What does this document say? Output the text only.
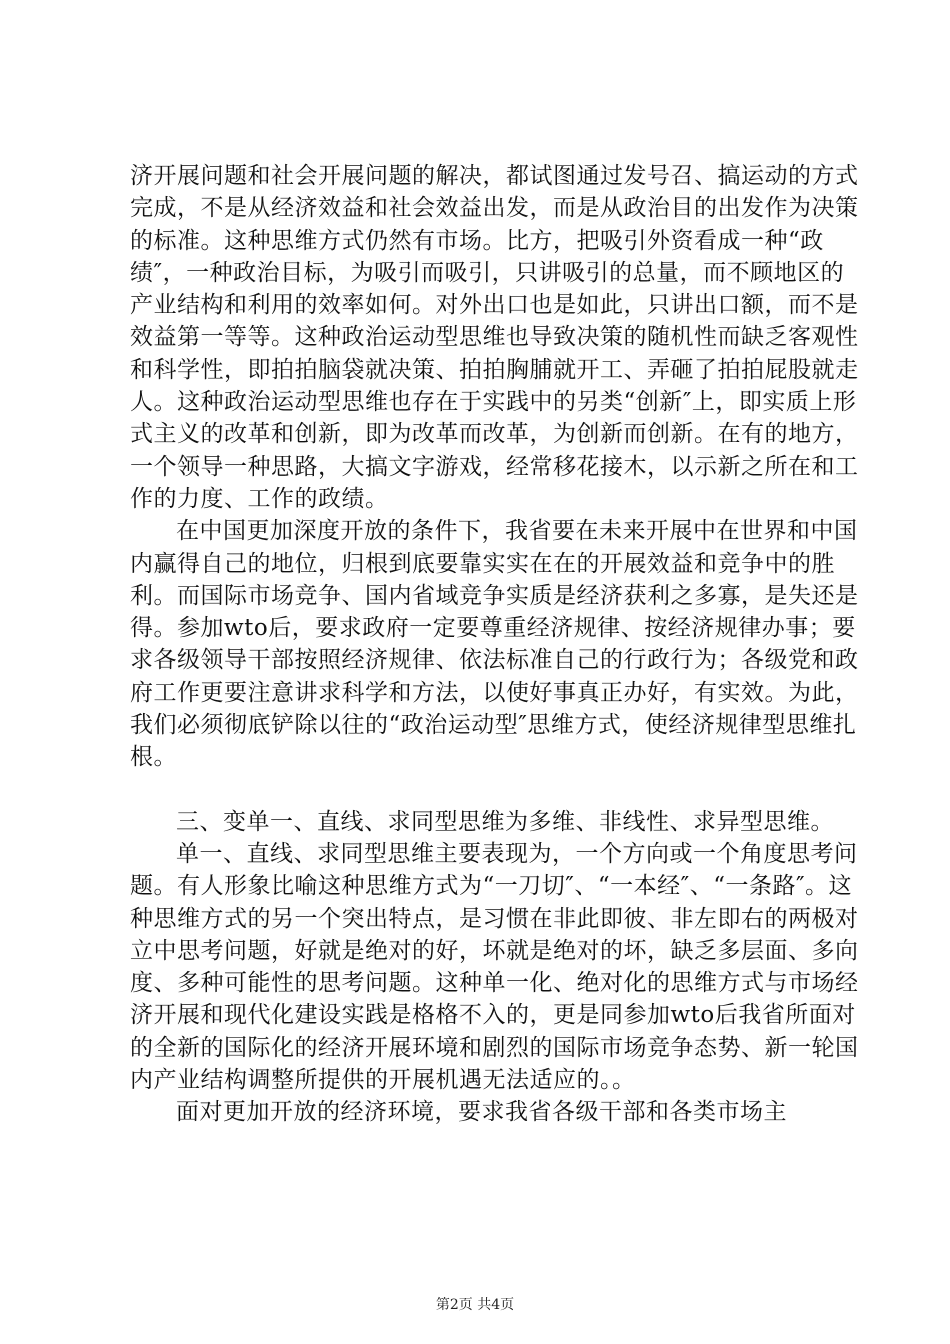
济开展问题和社会开展问题的解决，都试图通过发号召、搞运动的方式完成，不是从经济效益和社会效益出发，而是从政治目的出发作为决策的标准。这种思维方式仍然有市场。比方，把吸引外资看成一种“政绩″，一种政治目标，为吸引而吸引，只讲吸引的总量，而不顾地区的产业结构和利用的效率如何。对外出口也是如此，只讲出口额，而不是效益第一等等。这种政治运动型思维也导致决策的随机性而缺乏客观性和科学性，即拍拍脑袋就决策、拍拍胸脯就开工、弄砸了拍拍屁股就走人。这种政治运动型思维也存在于实践中的另类“创新″上，即实质上形式主义的改革和创新，即为改革而改革，为创新而创新。在有的地方，一个领导一种思路，大搞文字游戏，经常移花接木，以示新之所在和工作的力度、工作的政绩。

在中国更加深度开放的条件下，我省要在未来开展中在世界和中国内赢得自己的地位，归根到底要靠实实在在的开展效益和竞争中的胜利。而国际市场竞争、国内省域竞争实质是经济获利之多寡，是失还是得。参加wto后，要求政府一定要尊重经济规律、按经济规律办事；要求各级领导干部按照经济规律、依法标准自己的行政行为；各级党和政府工作更要注意讲求科学和方法，以使好事真正办好，有实效。为此，我们必须彻底铲除以往的“政治运动型″思维方式，使经济规律型思维扎根。

三、变单一、直线、求同型思维为多维、非线性、求异型思维。

单一、直线、求同型思维主要表现为，一个方向或一个角度思考问题。有人形象比喻这种思维方式为“一刀切″、“一本经″、“一条路″。这种思维方式的另一个突出特点，是习惯在非此即彼、非左即右的两极对立中思考问题，好就是绝对的好，坏就是绝对的坏，缺乏多层面、多向度、多种可能性的思考问题。这种单一化、绝对化的思维方式与市场经济开展和现代化建设实践是格格不入的，更是同参加wto后我省所面对的全新的国际化的经济开展环境和剧烈的国际市场竞争态势、新一轮国内产业结构调整所提供的开展机遇无法适应的。。

面对更加开放的经济环境，要求我省各级干部和各类市场主

第2页 共4页
